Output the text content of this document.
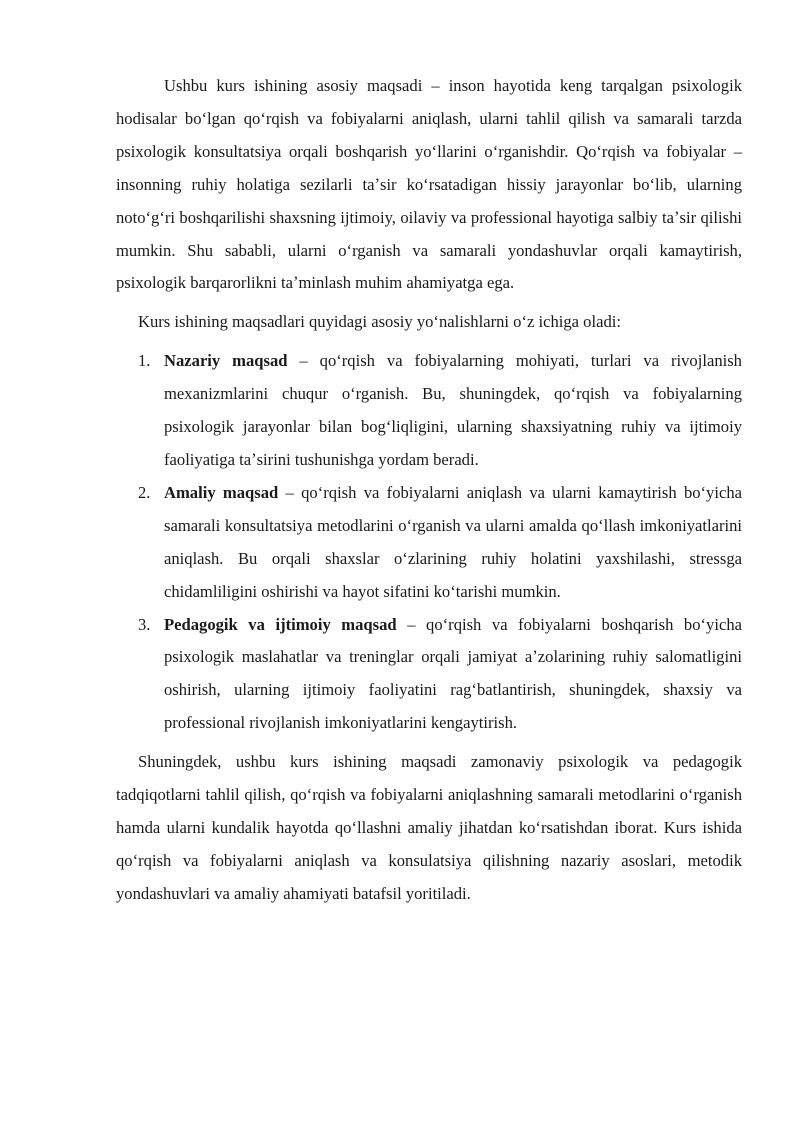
Ushbu kurs ishining asosiy maqsadi – inson hayotida keng tarqalgan psixologik hodisalar boʻlgan qoʻrqish va fobiyalarni aniqlash, ularni tahlil qilish va samarali tarzda psixologik konsultatsiya orqali boshqarish yoʻllarini oʻrganishdir. Qoʻrqish va fobiyalar – insonning ruhiy holatiga sezilarli taʼsir koʻrsatadigan hissiy jarayonlar boʻlib, ularning notoʻgʻri boshqarilishi shaxsning ijtimoiy, oilaviy va professional hayotiga salbiy taʼsir qilishi mumkin. Shu sababli, ularni oʻrganish va samarali yondashuvlar orqali kamaytirish, psixologik barqarorlikni taʼminlash muhim ahamiyatga ega.

Kurs ishining maqsadlari quyidagi asosiy yoʻnalishlarni oʻz ichiga oladi:

1. Nazariy maqsad – qoʻrqish va fobiyalarning mohiyati, turlari va rivojlanish mexanizmlarini chuqur oʻrganish. Bu, shuningdek, qoʻrqish va fobiyalarning psixologik jarayonlar bilan bogʻliqligini, ularning shaxsiyatning ruhiy va ijtimoiy faoliyatiga taʼsirini tushunishga yordam beradi.
2. Amaliy maqsad – qoʻrqish va fobiyalarni aniqlash va ularni kamaytirish boʻyicha samarali konsultatsiya metodlarini oʻrganish va ularni amalda qoʻllash imkoniyatlarini aniqlash. Bu orqali shaxslar oʻzlarining ruhiy holatini yaxshilashi, stressga chidamliligini oshirishi va hayot sifatini koʻtarishi mumkin.
3. Pedagogik va ijtimoiy maqsad – qoʻrqish va fobiyalarni boshqarish boʻyicha psixologik maslahatlar va treninglar orqali jamiyat aʼzolarining ruhiy salomatligini oshirish, ularning ijtimoiy faoliyatini ragʻbatlantirish, shuningdek, shaxsiy va professional rivojlanish imkoniyatlarini kengaytirish.

Shuningdek, ushbu kurs ishining maqsadi zamonaviy psixologik va pedagogik tadqiqotlarni tahlil qilish, qoʻrqish va fobiyalarni aniqlashning samarali metodlarini oʻrganish hamda ularni kundalik hayotda qoʻllashni amaliy jihatdan koʻrsatishdan iborat. Kurs ishida qoʻrqish va fobiyalarni aniqlash va konsulatsiya qilishning nazariy asoslari, metodik yondashuvlari va amaliy ahamiyati batafsil yoritiladi.
